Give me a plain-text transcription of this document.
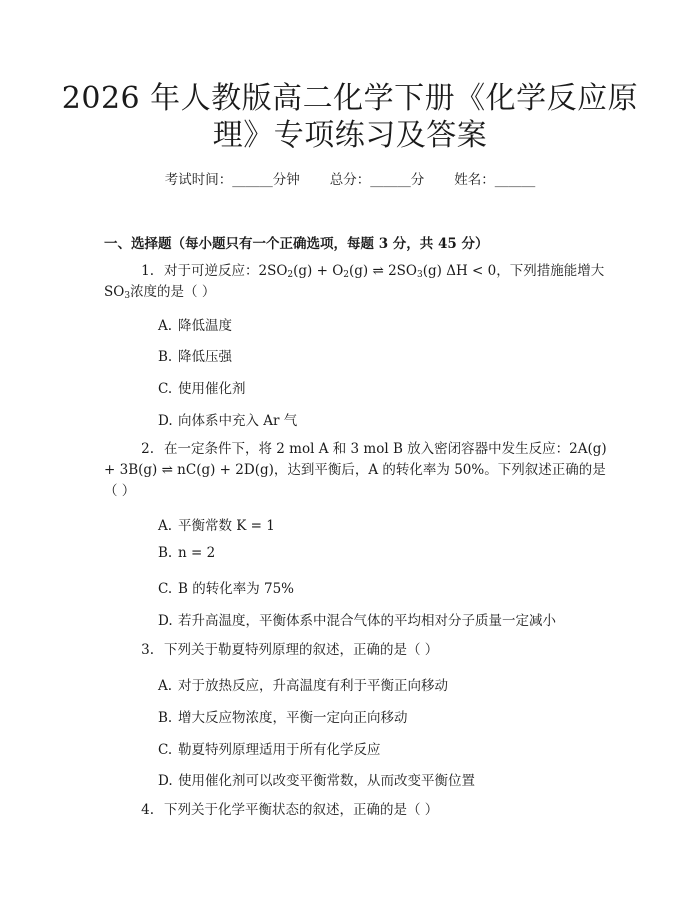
2026 年人教版高二化学下册《化学反应原
理》专项练习及答案
考试时间：______分钟 总分：______分 姓名：______
一、选择题（每小题只有一个正确选项，每题 3 分，共 45 分）
1. 对于可逆反应：$2SO_2(g) + O_2(g)$ ⇌ $2SO_3(g) \Delta H < 0$，下列措施能增大
$SO_3$浓度的是（ ）
A. 降低温度
B. 降低压强
C. 使用催化剂
D. 向体系中充入 Ar 气
2. 在一定条件下，将 2 mol A 和 3 mol B 放入密闭容器中发生反应：2A(g)
+ 3B(g) ⇌ nC(g) + 2D(g)，达到平衡后，A 的转化率为 50%。下列叙述正确的是
（ ）
A. 平衡常数 K = 1
B. n = 2
C. B 的转化率为 75%
D. 若升高温度，平衡体系中混合气体的平均相对分子质量一定减小
3. 下列关于勒夏特列原理的叙述，正确的是（ ）
A. 对于放热反应，升高温度有利于平衡正向移动
B. 增大反应物浓度，平衡一定向正向移动
C. 勒夏特列原理适用于所有化学反应
D. 使用催化剂可以改变平衡常数，从而改变平衡位置
4. 下列关于化学平衡状态的叙述，正确的是（ ）
